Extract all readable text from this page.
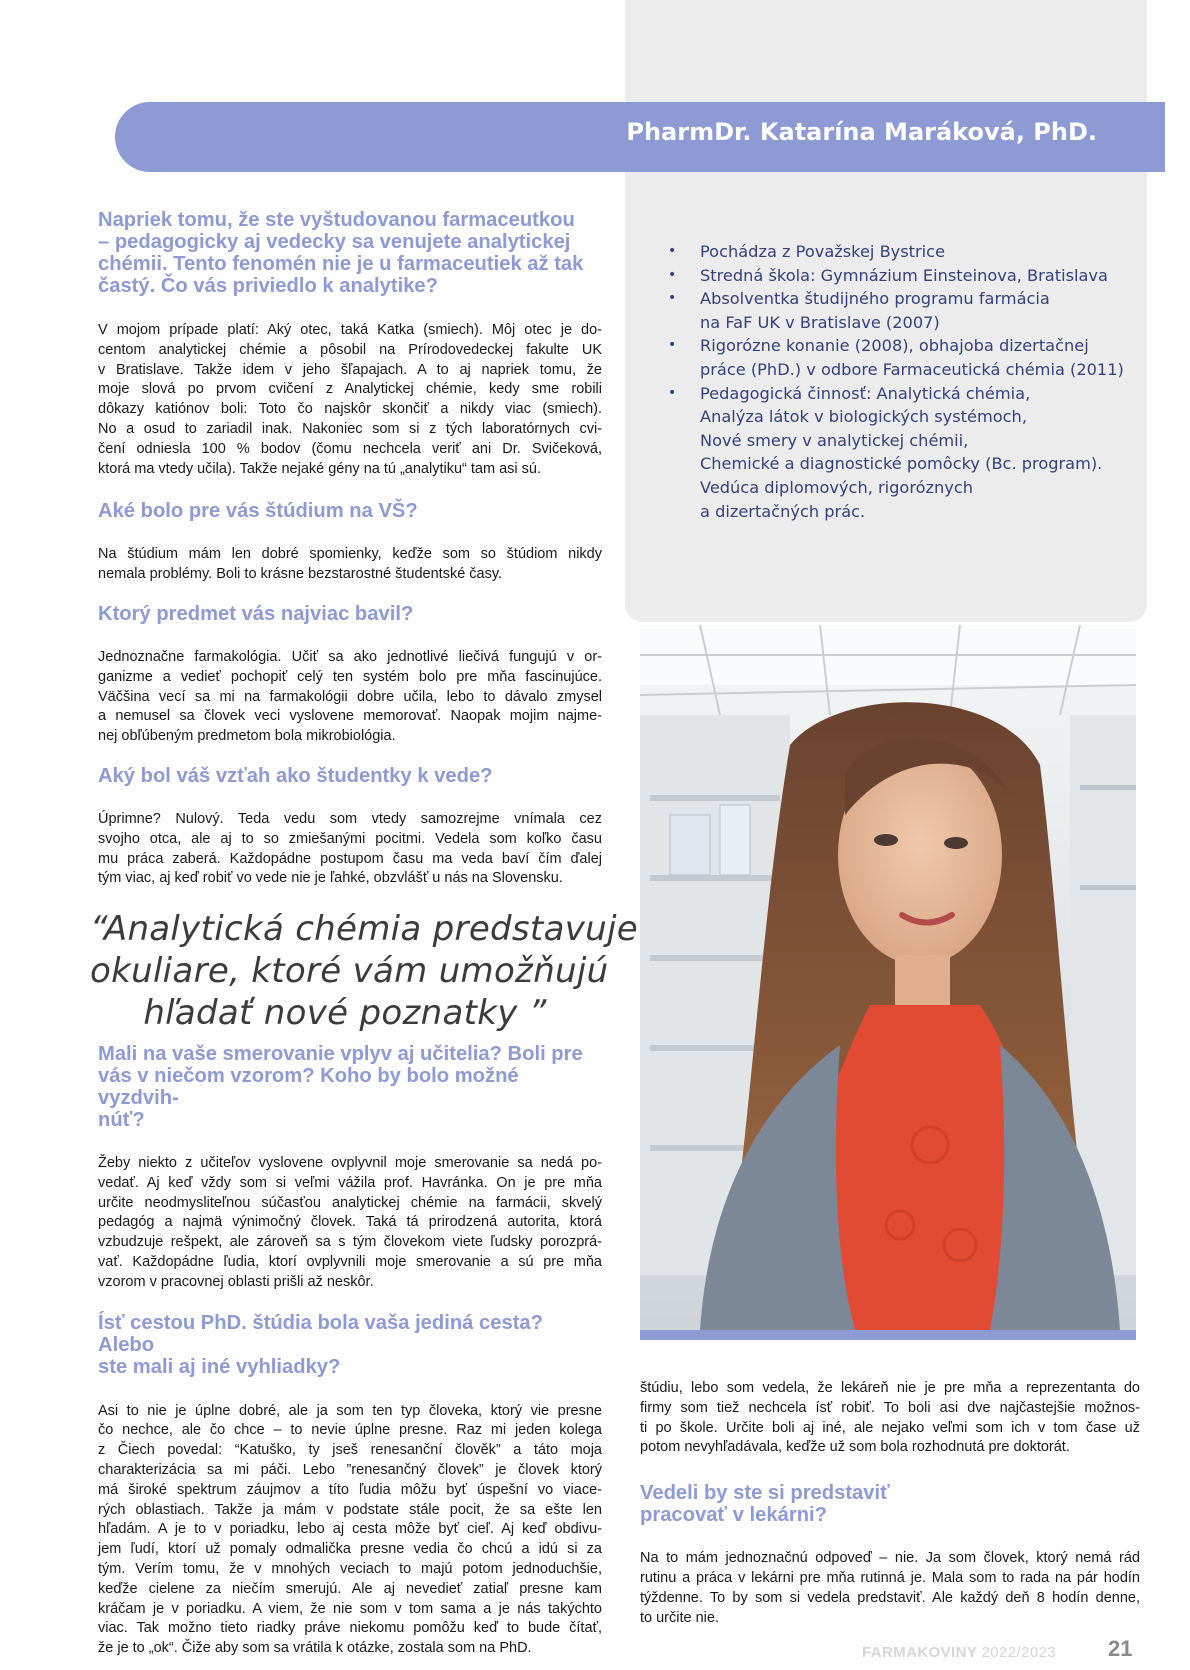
PharmDr. Katarína Maráková, PhD.
• Pochádza z Považskej Bystrice
• Stredná škola: Gymnázium Einsteinova, Bratislava
• Absolventka študijného programu farmácia
na FaF UK v Bratislave (2007)
• Rigorózne konanie (2008), obhajoba dizertačnej
práce (PhD.) v odbore Farmaceutická chémia (2011)
• Pedagogická činnosť: Analytická chémia,
Analýza látok v biologických systémoch,
Nové smery v analytickej chémii,
Chemické a diagnostické pomôcky (Bc. program).
Vedúca diplomových, rigoróznych
a dizertačných prác.
Napriek tomu, že ste vyštudovanou farmaceutkou
– pedagogicky aj vedecky sa venujete analytickej
chémii. Tento fenomén nie je u farmaceutiek až tak
častý. Čo vás priviedlo k analytike?
V mojom prípade platí: Aký otec, taká Katka (smiech). Môj otec je do-
centom analytickej chémie a pôsobil na Prírodovedeckej fakulte UK
v Bratislave. Takže idem v jeho šľapajach. A to aj napriek tomu, že
moje slová po prvom cvičení z Analytickej chémie, kedy sme robili
dôkazy katiónov boli: Toto čo najskôr skončiť a nikdy viac (smiech).
No a osud to zariadil inak. Nakoniec som si z tých laboratórnych cvi-
čení odniesla 100 % bodov (čomu nechcela veriť ani Dr. Svičeková,
ktorá ma vtedy učila). Takže nejaké gény na tú „analytiku“ tam asi sú.
Aké bolo pre vás štúdium na VŠ?
Na štúdium mám len dobré spomienky, keďže som so štúdiom nikdy
nemala problémy. Boli to krásne bezstarostné študentské časy.
Ktorý predmet vás najviac bavil?
Jednoznačne farmakológia. Učiť sa ako jednotlivé liečivá fungujú v or-
ganizme a vedieť pochopiť celý ten systém bolo pre mňa fascinujúce.
Väčšina vecí sa mi na farmakológii dobre učila, lebo to dávalo zmysel
a nemusel sa človek veci vyslovene memorovať. Naopak mojim najme-
nej obľúbeným predmetom bola mikrobiológia.
Aký bol váš vzťah ako študentky k vede?
Úprimne? Nulový. Teda vedu som vtedy samozrejme vnímala cez
svojho otca, ale aj to so zmiešanými pocitmi. Vedela som koľko času
mu práca zaberá. Každopádne postupom času ma veda baví čím ďalej
tým viac, aj keď robiť vo vede nie je ľahké, obzvlášť u nás na Slovensku.
“Analytická chémia predstavuje
okuliare, ktoré vám umožňujú
hľadať nové poznatky ”
Mali na vaše smerovanie vplyv aj učitelia? Boli pre
vás v niečom vzorom? Koho by bolo možné vyzdvih-
núť?
Žeby niekto z učiteľov vyslovene ovplyvnil moje smerovanie sa nedá po-
vedať. Aj keď vždy som si veľmi vážila prof. Havránka. On je pre mňa
určite neodmysliteľnou súčasťou analytickej chémie na farmácii, skvelý
pedagóg a najmä výnimočný človek. Taká tá prirodzená autorita, ktorá
vzbudzuje rešpekt, ale zároveň sa s tým človekom viete ľudsky porozprá-
vať. Každopádne ľudia, ktorí ovplyvnili moje smerovanie a sú pre mňa
vzorom v pracovnej oblasti prišli až neskôr.
Ísť cestou PhD. štúdia bola vaša jediná cesta? Alebo
ste mali aj iné vyhliadky?
Asi to nie je úplne dobré, ale ja som ten typ človeka, ktorý vie presne
čo nechce, ale čo chce – to nevie úplne presne. Raz mi jeden kolega
z Čiech povedal: “Katuško, ty jseš renesanční člověk” a táto moja
charakterizácia sa mi páči. Lebo ”renesančný človek” je človek ktorý
má široké spektrum záujmov a títo ľudia môžu byť úspešní vo viace-
rých oblastiach. Takže ja mám v podstate stále pocit, že sa ešte len
hľadám. A je to v poriadku, lebo aj cesta môže byť cieľ. Aj keď obdivu-
jem ľudí, ktorí už pomaly odmalička presne vedia čo chcú a idú si za
tým. Verím tomu, že v mnohých veciach to majú potom jednoduchšie,
keďže cielene za niečím smerujú. Ale aj nevedieť zatiaľ presne kam
kráčam je v poriadku. A viem, že nie som v tom sama a je nás takýchto
viac. Tak možno tieto riadky práve niekomu pomôžu keď to bude čítať,
že je to „ok“. Čiže aby som sa vrátila k otázke, zostala som na PhD.
štúdiu, lebo som vedela, že lekáreň nie je pre mňa a reprezentanta do
firmy som tiež nechcela ísť robiť. To boli asi dve najčastejšie možnos-
ti po škole. Určite boli aj iné, ale nejako veľmi som ich v tom čase už
potom nevyhľadávala, keďže už som bola rozhodnutá pre doktorát.
Vedeli by ste si predstaviť
pracovať v lekárni?
Na to mám jednoznačnú odpoveď – nie. Ja som človek, ktorý nemá rád
rutinu a práca v lekárni pre mňa rutinná je. Mala som to rada na pár hodín
týždenne. To by som si vedela predstaviť. Ale každý deň 8 hodín denne,
to určite nie.
FARMAKOVINY 2022/2023 21
